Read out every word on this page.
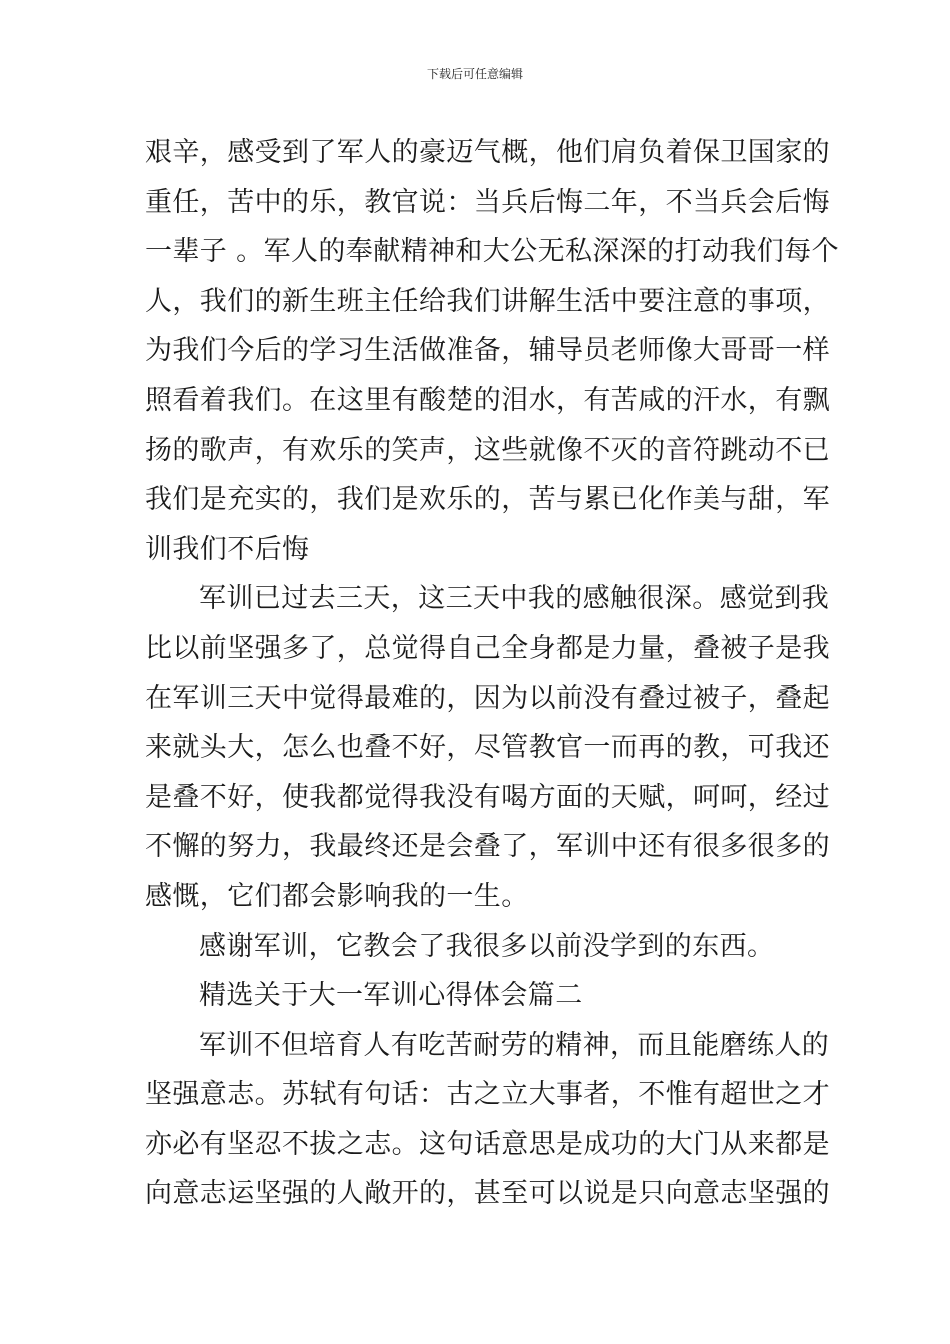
下载后可任意编辑
艰辛，感受到了军人的豪迈气概，他们肩负着保卫国家的
重任，苦中的乐，教官说：当兵后悔二年，不当兵会后悔
一辈子 。军人的奉献精神和大公无私深深的打动我们每个
人，我们的新生班主任给我们讲解生活中要注意的事项，
为我们今后的学习生活做准备，辅导员老师像大哥哥一样
照看着我们。在这里有酸楚的泪水，有苦咸的汗水，有飘
扬的歌声，有欢乐的笑声，这些就像不灭的音符跳动不已
我们是充实的，我们是欢乐的，苦与累已化作美与甜，军
训我们不后悔
军训已过去三天，这三天中我的感触很深。感觉到我
比以前坚强多了，总觉得自己全身都是力量，叠被子是我
在军训三天中觉得最难的，因为以前没有叠过被子，叠起
来就头大，怎么也叠不好，尽管教官一而再的教，可我还
是叠不好，使我都觉得我没有喝方面的天赋，呵呵，经过
不懈的努力，我最终还是会叠了，军训中还有很多很多的
感慨，它们都会影响我的一生。
感谢军训，它教会了我很多以前没学到的东西。
精选关于大一军训心得体会篇二
军训不但培育人有吃苦耐劳的精神，而且能磨练人的
坚强意志。苏轼有句话：古之立大事者，不惟有超世之才
亦必有坚忍不拔之志。这句话意思是成功的大门从来都是
向意志运坚强的人敞开的，甚至可以说是只向意志坚强的
